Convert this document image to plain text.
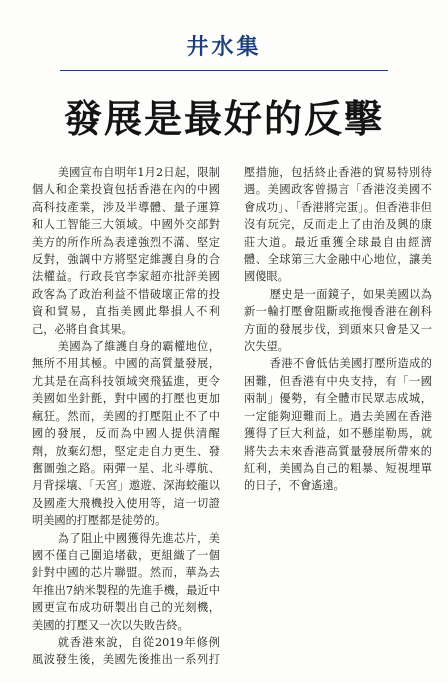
井水集
發展是最好的反擊

美國宣布自明年1月2日起，限制個人和企業投資包括香港在內的中國高科技產業，涉及半導體、量子運算和人工智能三大領域。中國外交部對美方的所作所為表達強烈不滿、堅定反對，強調中方將堅定維護自身的合法權益。行政長官李家超亦批評美國政客為了政治利益不惜破壞正常的投資和貿易，直指美國此舉損人不利己，必將自食其果。

美國為了維護自身的霸權地位，無所不用其極。中國的高質量發展，尤其是在高科技領域突飛猛進，更令美國如坐針氈，對中國的打壓也更加瘋狂。然而，美國的打壓阻止不了中國的發展，反而為中國人提供清醒劑，放棄幻想，堅定走自力更生、發奮圖強之路。兩彈一星、北斗導航、月背採壤、「天宮」遨遊、深海蛟龍以及國產大飛機投入使用等，這一切證明美國的打壓都是徒勞的。

為了阻止中國獲得先進芯片，美國不僅自己圍追堵截，更組織了一個針對中國的芯片聯盟。然而，華為去年推出7納米製程的先進手機，最近中國更宣布成功研製出自己的光刻機，美國的打壓又一次以失敗告終。

就香港來說，自從2019年修例風波發生後，美國先後推出一系列打壓措施，包括終止香港的貿易特別待遇。美國政客曾揚言「香港沒美國不會成功」、「香港將完蛋」。但香港非但沒有玩完，反而走上了由治及興的康莊大道。最近重獲全球最自由經濟體、全球第三大金融中心地位，讓美國傻眼。

歷史是一面鏡子，如果美國以為新一輪打壓會阻斷或拖慢香港在創科方面的發展步伐，到頭來只會是又一次失望。

香港不會低估美國打壓所造成的困難，但香港有中央支持，有「一國兩制」優勢，有全體市民眾志成城，一定能夠迎難而上。過去美國在香港獲得了巨大利益，如不懸崖勒馬，就將失去未來香港高質量發展所帶來的紅利，美國為自己的粗暴、短視埋單的日子，不會遙遠。
